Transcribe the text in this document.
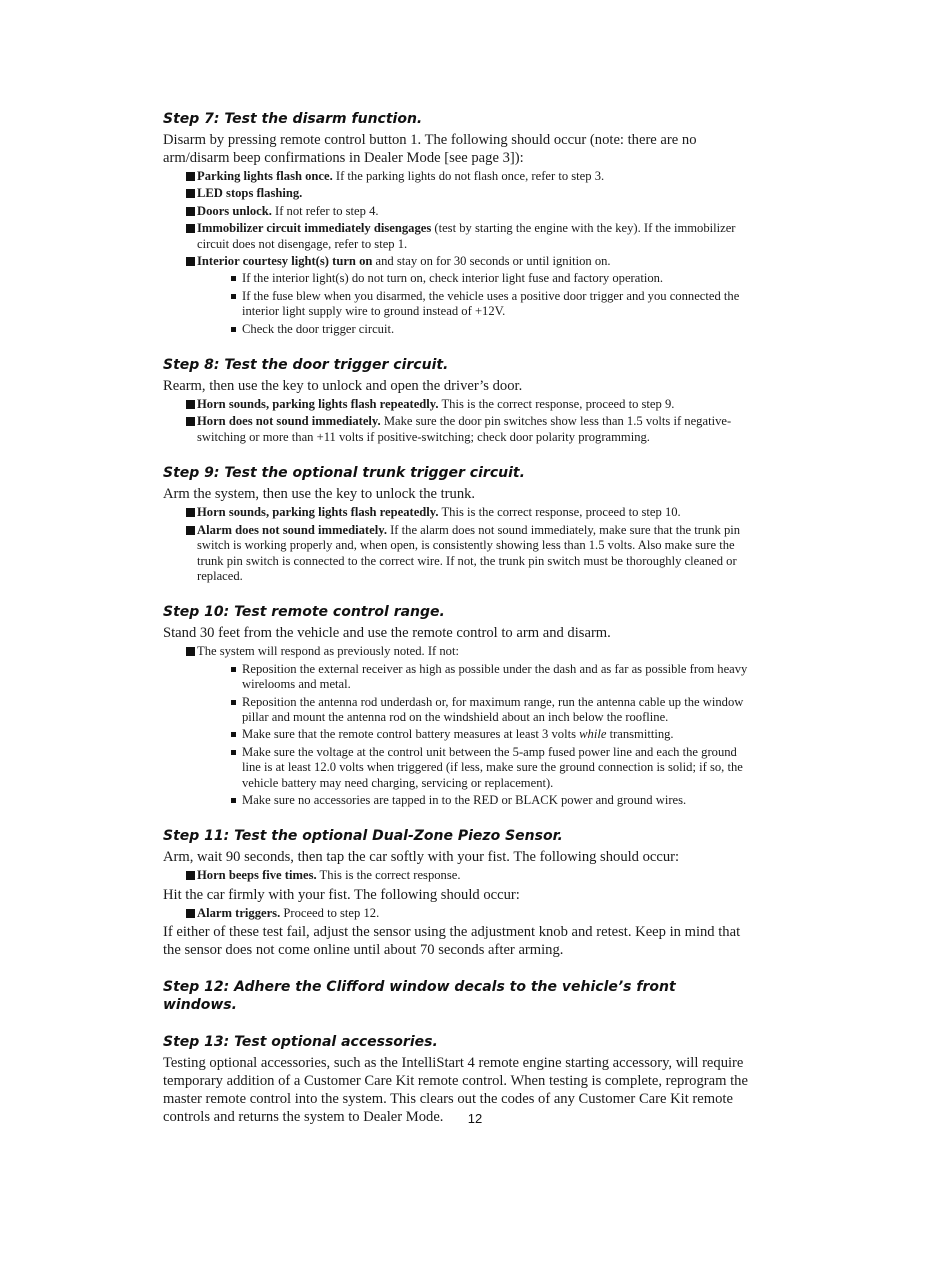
Step 7: Test the disarm function.

Disarm by pressing remote control button 1. The following should occur (note: there are no arm/disarm beep confirmations in Dealer Mode [see page 3]):

Parking lights flash once. If the parking lights do not flash once, refer to step 3.
LED stops flashing.
Doors unlock. If not refer to step 4.
Immobilizer circuit immediately disengages (test by starting the engine with the key). If the immobilizer circuit does not disengage, refer to step 1.
Interior courtesy light(s) turn on and stay on for 30 seconds or until ignition on.
If the interior light(s) do not turn on, check interior light fuse and factory operation.
If the fuse blew when you disarmed, the vehicle uses a positive door trigger and you connected the interior light supply wire to ground instead of +12V.
Check the door trigger circuit.
Step 8: Test the door trigger circuit.

Rearm, then use the key to unlock and open the driver’s door.

Horn sounds, parking lights flash repeatedly. This is the correct response, proceed to step 9.
Horn does not sound immediately. Make sure the door pin switches show less than 1.5 volts if negative-switching or more than +11 volts if positive-switching; check door polarity programming.
Step 9: Test the optional trunk trigger circuit.

Arm the system, then use the key to unlock the trunk.

Horn sounds, parking lights flash repeatedly. This is the correct response, proceed to step 10.
Alarm does not sound immediately. If the alarm does not sound immediately, make sure that the trunk pin switch is working properly and, when open, is consistently showing less than 1.5 volts. Also make sure the trunk pin switch is connected to the correct wire. If not, the trunk pin switch must be thoroughly cleaned or replaced.
Step 10: Test remote control range.

Stand 30 feet from the vehicle and use the remote control to arm and disarm.

The system will respond as previously noted. If not:
Reposition the external receiver as high as possible under the dash and as far as possible from heavy wirelooms and metal.
Reposition the antenna rod underdash or, for maximum range, run the antenna cable up the window pillar and mount the antenna rod on the windshield about an inch below the roofline.
Make sure that the remote control battery measures at least 3 volts while transmitting.
Make sure the voltage at the control unit between the 5-amp fused power line and each the ground line is at least 12.0 volts when triggered (if less, make sure the ground connection is solid; if so, the vehicle battery may need charging, servicing or replacement).
Make sure no accessories are tapped in to the RED or BLACK power and ground wires.
Step 11: Test the optional Dual-Zone Piezo Sensor.

Arm, wait 90 seconds, then tap the car softly with your fist. The following should occur:

Horn beeps five times. This is the correct response.

Hit the car firmly with your fist. The following should occur:

Alarm triggers. Proceed to step 12.

If either of these test fail, adjust the sensor using the adjustment knob and retest. Keep in mind that the sensor does not come online until about 70 seconds after arming.

Step 12: Adhere the Clifford window decals to the vehicle’s front windows.
Step 13: Test optional accessories.

Testing optional accessories, such as the IntelliStart 4 remote engine starting accessory, will require temporary addition of a Customer Care Kit remote control. When testing is complete, reprogram the master remote control into the system. This clears out the codes of any Customer Care Kit remote controls and returns the system to Dealer Mode.	12
